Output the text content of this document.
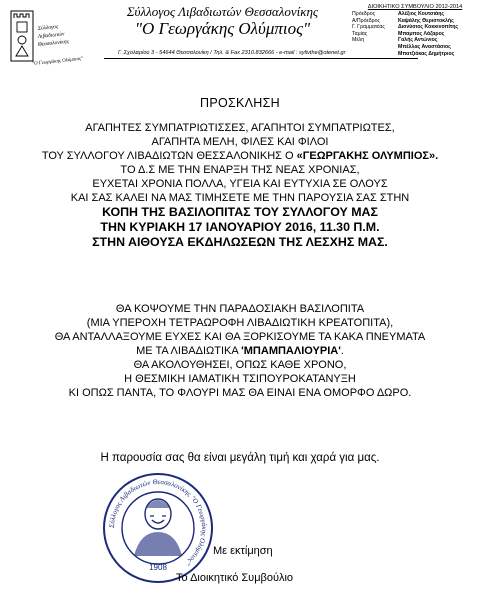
Σύλλογος
Λιβαδιωτών
Θεσσαλονίκης
"Ο Γεωργάκης Ολύμπιος"
Σύλλογος Λιβαδιωτών Θεσσαλονίκης
"Ο Γεωργάκης Ολύμπιος"
Γ. Σχολαρίου 3 - 54644 Θεσσαλονίκη / Τηλ. & Fax 2310.832666 - e-mail : sylivthe@otenet.gr
ΔΙΟΙΚΗΤΙΚΟ ΣΥΜΒΟΥΛΙΟ 2012-2014
Πρόεδρος	Αλέξιος Κουτσιάης
Α/Πρόεδρος	Καψάλης Θεριστοκλής
Γ. Γραμματέας	Διονύσιος Κοκκινοπίτης
Ταμίας	Μπαμπος Λάζαρος
Μέλη	Γαλής Αντώνιος
Μπέλλας Αναστάσιος
Μπατζιόκας Δημήτριος
ΠΡΟΣΚΛΗΣΗ
ΑΓΑΠΗΤΕΣ ΣΥΜΠΑΤΡΙΩΤΙΣΣΕΣ, ΑΓΑΠΗΤΟΙ ΣΥΜΠΑΤΡΙΩΤΕΣ,
ΑΓΑΠΗΤΑ ΜΕΛΗ, ΦΙΛΕΣ ΚΑΙ ΦΙΛΟΙ
ΤΟΥ ΣΥΛΛΟΓΟΥ ΛΙΒΑΔΙΩΤΩΝ ΘΕΣΣΑΛΟΝΙΚΗΣ Ο «ΓΕΩΡΓΑΚΗΣ ΟΛΥΜΠΙΟΣ».
ΤΟ Δ.Σ ΜΕ ΤΗΝ ΕΝΑΡΞΗ ΤΗΣ ΝΕΑΣ ΧΡΟΝΙΑΣ,
ΕΥΧΕΤΑΙ ΧΡΟΝΙΑ ΠΟΛΛΑ, ΥΓΕΙΑ ΚΑΙ ΕΥΤΥΧΙΑ ΣΕ ΟΛΟΥΣ
ΚΑΙ ΣΑΣ ΚΑΛΕΙ ΝΑ ΜΑΣ ΤΙΜΗΣΕΤΕ ΜΕ ΤΗΝ ΠΑΡΟΥΣΙΑ ΣΑΣ ΣΤΗΝ
ΚΟΠΗ ΤΗΣ ΒΑΣΙΛΟΠΙΤΑΣ ΤΟΥ ΣΥΛΛΟΓΟΥ ΜΑΣ
ΤΗΝ ΚΥΡΙΑΚΗ 17 ΙΑΝΟΥΑΡΙΟΥ 2016, 11.30 Π.Μ.
ΣΤΗΝ ΑΙΘΟΥΣΑ ΕΚΔΗΛΩΣΕΩΝ ΤΗΣ ΛΕΣΧΗΣ ΜΑΣ.
ΘΑ ΚΟΨΟΥΜΕ ΤΗΝ ΠΑΡΑΔΟΣΙΑΚΗ ΒΑΣΙΛΟΠΙΤΑ
(ΜΙΑ ΥΠΕΡΟΧΗ ΤΕΤΡΑΩΡΟΦΗ ΛΙΒΑΔΙΩΤΙΚΗ ΚΡΕΑΤΟΠΙΤΑ),
ΘΑ ΑΝΤΑΛΛΑΞΟΥΜΕ ΕΥΧΕΣ ΚΑΙ ΘΑ ΞΟΡΚΙΣΟΥΜΕ ΤΑ ΚΑΚΑ ΠΝΕΥΜΑΤΑ
ΜΕ ΤΑ ΛΙΒΑΔΙΩΤΙΚΑ 'ΜΠΑΜΠΑΛΙΟΥΡΙΑ'.
ΘΑ ΑΚΟΛΟΥΘΗΣΕΙ, ΟΠΩΣ ΚΑΘΕ ΧΡΟΝΟ,
Η ΘΕΣΜΙΚΗ ΙΑΜΑΤΙΚΗ ΤΣΙΠΟΥΡΟΚΑΤΑΝΥΞΗ
ΚΙ ΟΠΩΣ ΠΑΝΤΑ, ΤΟ ΦΛΟΥΡΙ ΜΑΣ ΘΑ ΕΙΝΑΙ ΕΝΑ ΟΜΟΡΦΟ ΔΩΡΟ.
Η παρουσία σας θα είναι μεγάλη τιμή και χαρά για μας.
Σύλλογος Λιβαδιωτών Θεσσαλονίκης "Ο Γεωργάκης Ολύμπιος"
1908
Με εκτίμηση
Το Διοικητικό Συμβούλιο
